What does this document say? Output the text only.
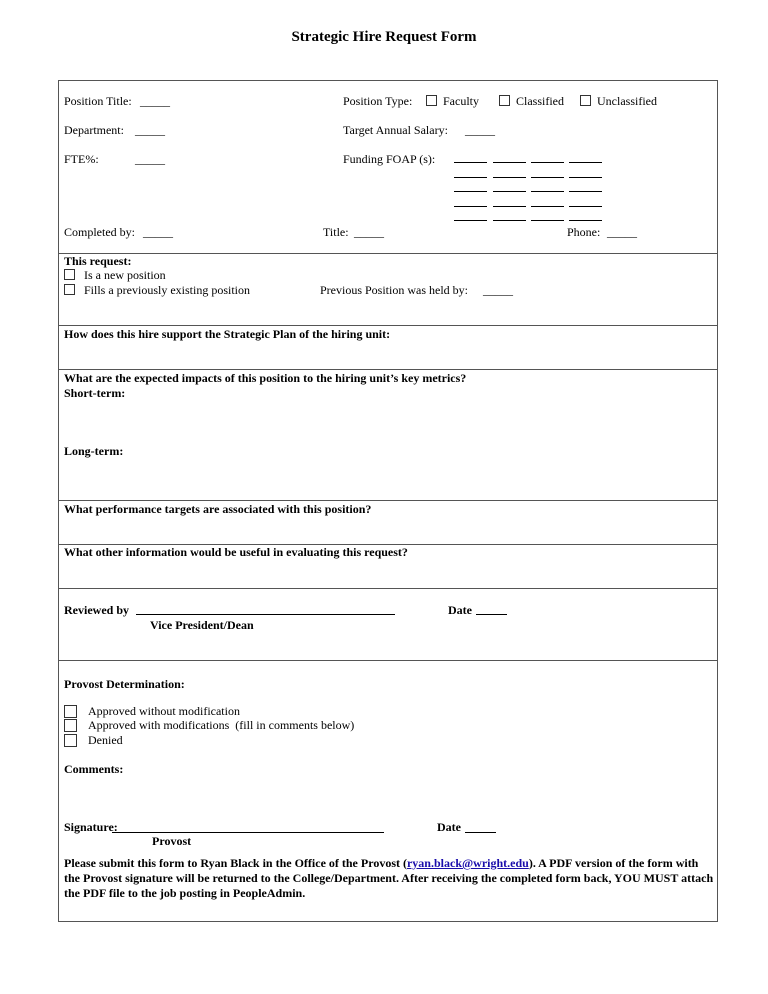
Strategic Hire Request Form
Position Title: _____	Position Type:	Faculty	Classified	Unclassified
Department: _____	Target Annual Salary: _____
FTE%:	_____	Funding FOAP (s):
Completed by: _____	Title: _____	Phone: _____
This request:
Is a new position
Fills a previously existing position	Previous Position was held by: _____
How does this hire support the Strategic Plan of the hiring unit:
What are the expected impacts of this position to the hiring unit’s key metrics?
Short-term:
Long-term:
What performance targets are associated with this position?
What other information would be useful in evaluating this request?
Reviewed by	Date
Vice President/Dean
Provost Determination:
Approved without modification
Approved with modifications  (fill in comments below)
Denied
Comments:
Signature:	Date
Provost
Please submit this form to Ryan Black in the Office of the Provost (ryan.black@wright.edu). A PDF version of the form with the Provost signature will be returned to the College/Department. After receiving the completed form back, YOU MUST attach the PDF file to the job posting in PeopleAdmin.
